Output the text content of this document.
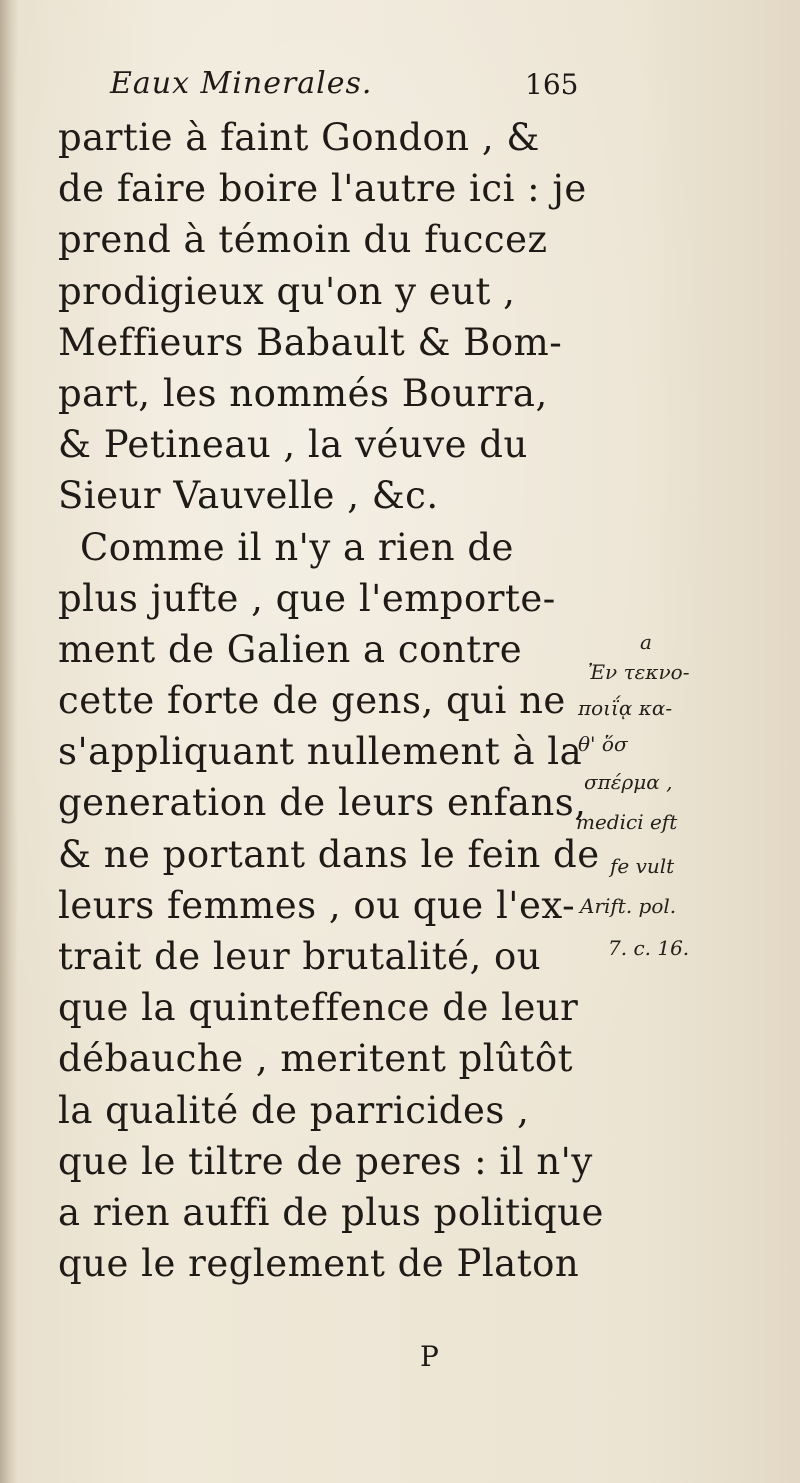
Eaux Minerales.	165
partie à faint Gondon , &
de faire boire l'autre ici : je
prend à témoin du fuccez
prodigieux qu'on y eut ,
Meffieurs Babault & Bom-
part, les nommés Bourra,
& Petineau , la véuve du
Sieur Vauvelle , &c.
Comme il n'y a rien de
plus jufte , que l'emporte-
ment de Galien a contre
cette forte de gens, qui ne
s'appliquant nullement à la
generation de leurs enfans,
& ne portant dans le fein de
leurs femmes , ou que l'ex-
trait de leur brutalité, ou
que la quinteffence de leur
débauche , meritent plûtôt
la qualité de parricides ,
que le tiltre de peres : il n'y
a rien auffi de plus politique
que le reglement de Platon
a
Ἐν τεκνο-
ποιΐᾳ κα-
θ' ὅσ
σπέρμα ,
medici eft
fe vult
Arift. pol.
7. c. 16.
P
